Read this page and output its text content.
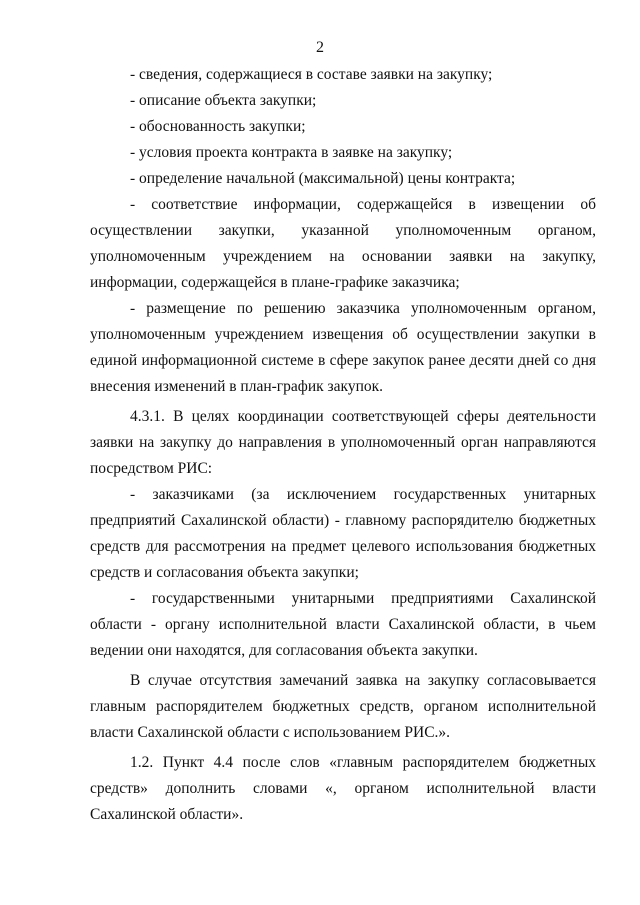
2

- сведения, содержащиеся в составе заявки на закупку;

- описание объекта закупки;

- обоснованность закупки;

- условия проекта контракта в заявке на закупку;

- определение начальной (максимальной) цены контракта;

- соответствие информации, содержащейся в извещении об осуществлении закупки, указанной уполномоченным органом, уполномоченным учреждением на основании заявки на закупку, информации, содержащейся в плане-графике заказчика;

- размещение по решению заказчика уполномоченным органом, уполномоченным учреждением извещения об осуществлении закупки в единой информационной системе в сфере закупок ранее десяти дней со дня внесения изменений в план-график закупок.

4.3.1. В целях координации соответствующей сферы деятельности заявки на закупку до направления в уполномоченный орган направляются посредством РИС:

- заказчиками (за исключением государственных унитарных предприятий Сахалинской области) - главному распорядителю бюджетных средств для рассмотрения на предмет целевого использования бюджетных средств и согласования объекта закупки;

- государственными унитарными предприятиями Сахалинской области - органу исполнительной власти Сахалинской области, в чьем ведении они находятся, для согласования объекта закупки.

В случае отсутствия замечаний заявка на закупку согласовывается главным распорядителем бюджетных средств, органом исполнительной власти Сахалинской области с использованием РИС.».

1.2. Пункт 4.4 после слов «главным распорядителем бюджетных средств» дополнить словами «, органом исполнительной власти Сахалинской области».
